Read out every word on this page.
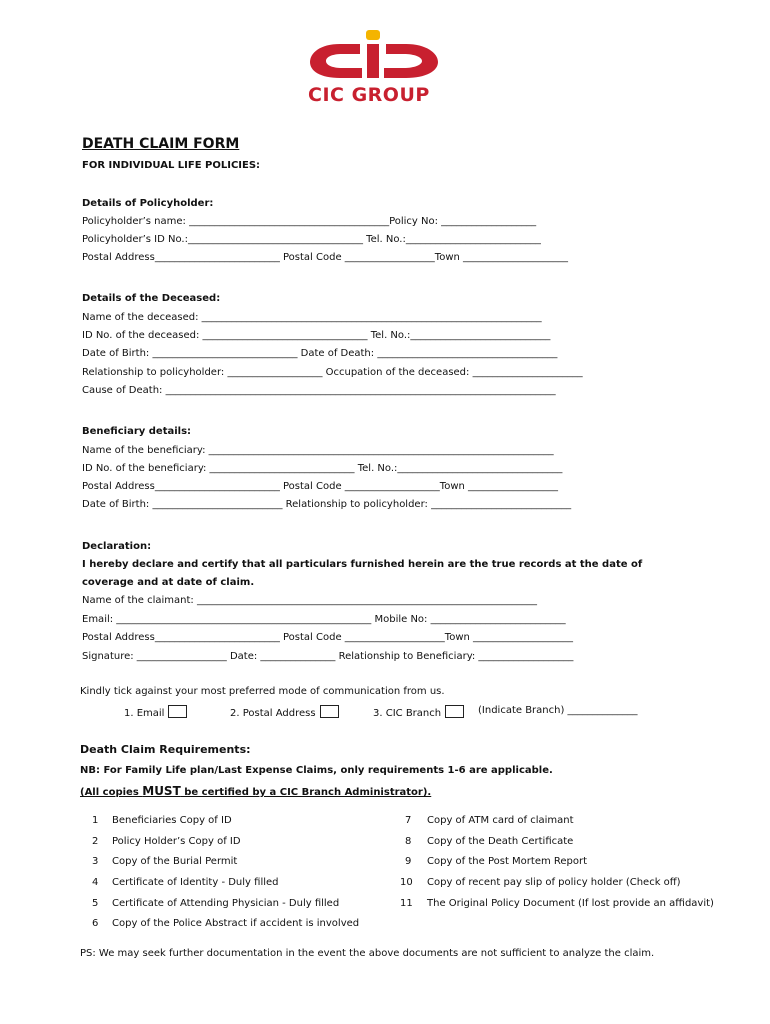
CIC GROUP
DEATH CLAIM FORM
FOR INDIVIDUAL LIFE POLICIES:
Details of Policyholder:
Policyholder’s name: ________________________________________Policy No: ___________________
Policyholder’s ID No.:___________________________________ Tel. No.:___________________________
Postal Address_________________________ Postal Code __________________Town _____________________
Details of the Deceased:
Name of the deceased: ____________________________________________________________________
ID No. of the deceased: _________________________________ Tel. No.:____________________________
Date of Birth: _____________________________ Date of Death: ____________________________________
Relationship to policyholder: ___________________ Occupation of the deceased: ______________________
Cause of Death: ______________________________________________________________________________
Beneficiary details:
Name of the beneficiary: _____________________________________________________________________
ID No. of the beneficiary: _____________________________ Tel. No.:_________________________________
Postal Address_________________________ Postal Code ___________________Town __________________
Date of Birth: __________________________ Relationship to policyholder: ____________________________
Declaration:
I hereby declare and certify that all particulars furnished herein are the true records at the date of
coverage and at date of claim.
Name of the claimant: ____________________________________________________________________
Email: ___________________________________________________ Mobile No: ___________________________
Postal Address_________________________ Postal Code ____________________Town ____________________
Signature: __________________ Date: _______________ Relationship to Beneficiary: ___________________
Kindly tick against your most preferred mode of communication from us.
1. Email	2. Postal Address	3. CIC Branch	(Indicate Branch) ______________
Death Claim Requirements:
NB: For Family Life plan/Last Expense Claims, only requirements 1-6 are applicable.
(All copies MUST be certified by a CIC Branch Administrator).
1 Beneficiaries Copy of ID
2 Policy Holder’s Copy of ID
3 Copy of the Burial Permit
4 Certificate of Identity - Duly filled
5 Certificate of Attending Physician - Duly filled
6 Copy of the Police Abstract if accident is involved
7 Copy of ATM card of claimant
8 Copy of the Death Certificate
9 Copy of the Post Mortem Report
10 Copy of recent pay slip of policy holder (Check off)
11 The Original Policy Document (If lost provide an affidavit)
PS: We may seek further documentation in the event the above documents are not sufficient to analyze the claim.
